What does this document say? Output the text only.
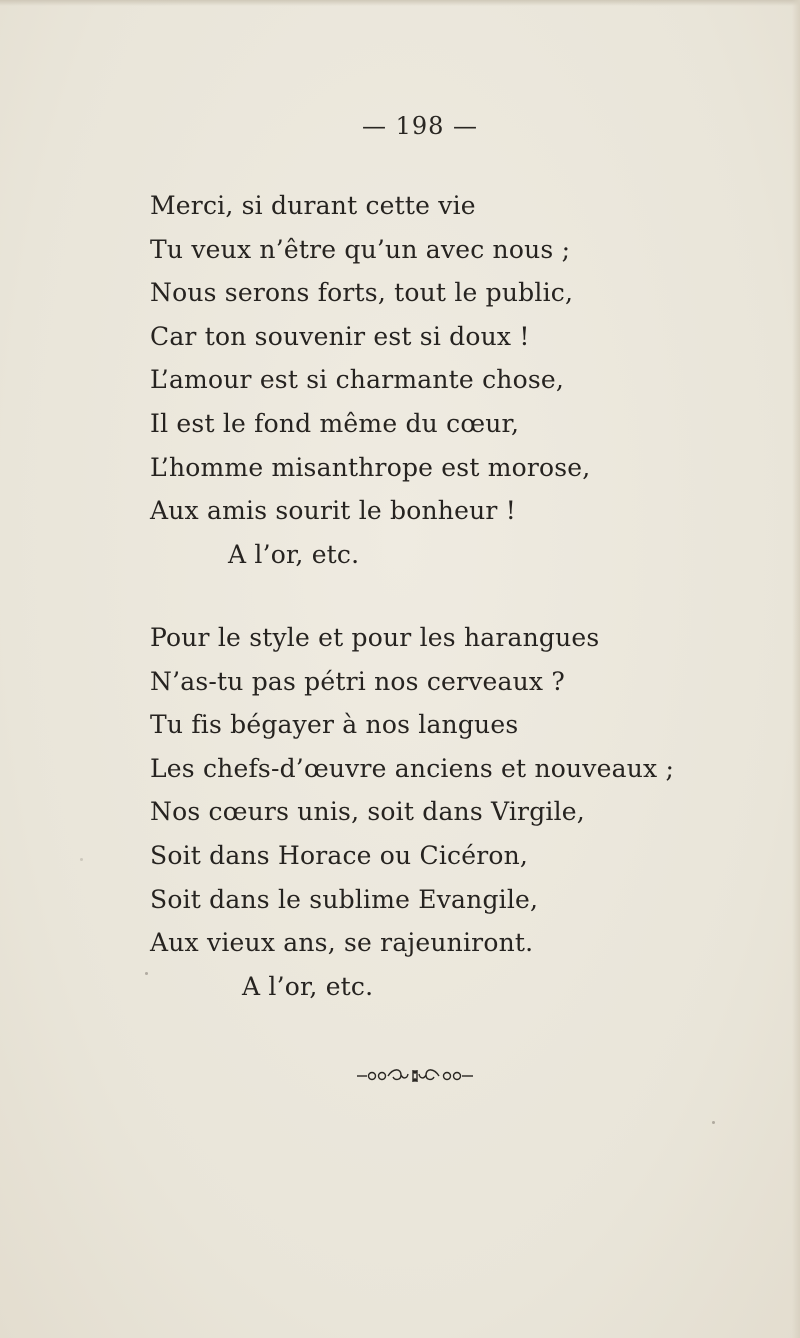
— 198 —
Merci, si durant cette vie
Tu veux n’être qu’un avec nous ;
Nous serons forts, tout le public,
Car ton souvenir est si doux !
L’amour est si charmante chose,
Il est le fond même du cœur,
L’homme misanthrope est morose,
Aux amis sourit le bonheur !
A l’or, etc.
Pour le style et pour les harangues
N’as-tu pas pétri nos cerveaux ?
Tu fis bégayer à nos langues
Les chefs-d’œuvre anciens et nouveaux ;
Nos cœurs unis, soit dans Virgile,
Soit dans Horace ou Cicéron,
Soit dans le sublime Evangile,
Aux vieux ans, se rajeuniront.
A l’or, etc.
